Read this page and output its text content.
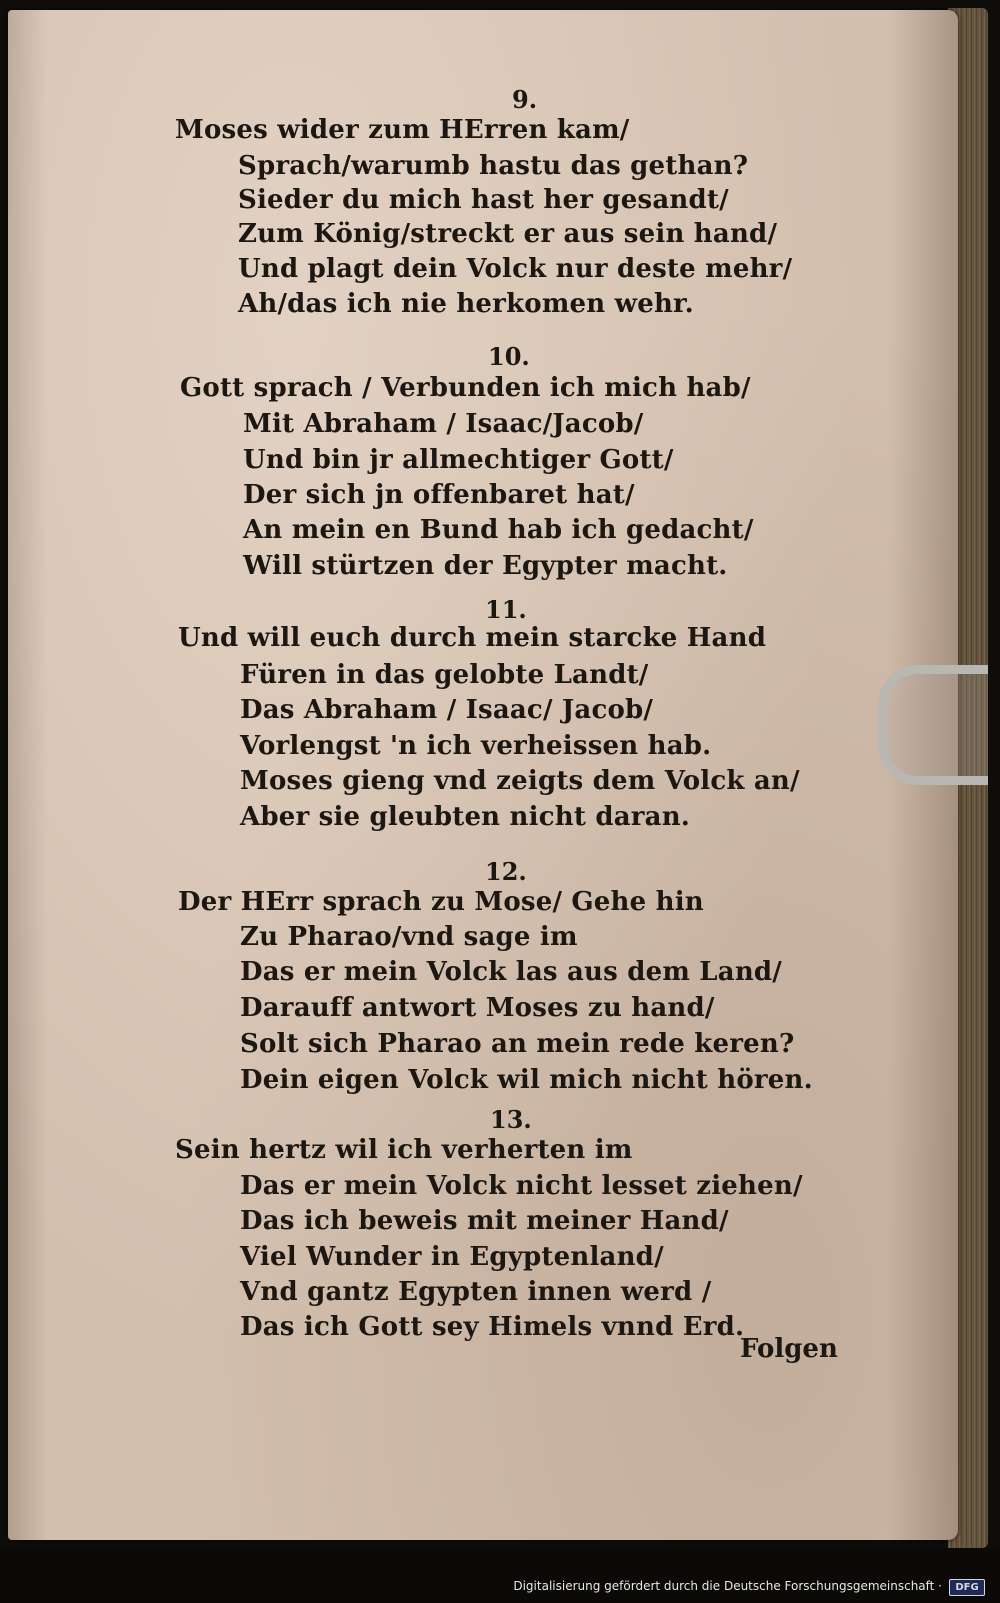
9.
Moses wider zum HErren kam/
Sprach/warumb hastu das gethan?
Sieder du mich hast her gesandt/
Zum König/streckt er aus sein hand/
Und plagt dein Volck nur deste mehr/
Ah/das ich nie herkomen wehr.
10.
Gott sprach / Verbunden ich mich hab/
Mit Abraham / Isaac/Jacob/
Und bin jr allmechtiger Gott/
Der sich jn offenbaret hat/
An mein en Bund hab ich gedacht/
Will stürtzen der Egypter macht.
11.
Und will euch durch mein starcke Hand
Füren in das gelobte Landt/
Das Abraham / Isaac/ Jacob/
Vorlengst 'n ich verheissen hab.
Moses gieng vnd zeigts dem Volck an/
Aber sie gleubten nicht daran.
12.
Der HErr sprach zu Mose/ Gehe hin
Zu Pharao/vnd sage im
Das er mein Volck las aus dem Land/
Darauff antwort Moses zu hand/
Solt sich Pharao an mein rede keren?
Dein eigen Volck wil mich nicht hören.
13.
Sein hertz wil ich verherten im
Das er mein Volck nicht lesset ziehen/
Das ich beweis mit meiner Hand/
Viel Wunder in Egyptenland/
Vnd gantz Egypten innen werd /
Das ich Gott sey Himels vnnd Erd.
Folgen
Digitalisierung gefördert durch die Deutsche Forschungsgemeinschaft ·	DFG
